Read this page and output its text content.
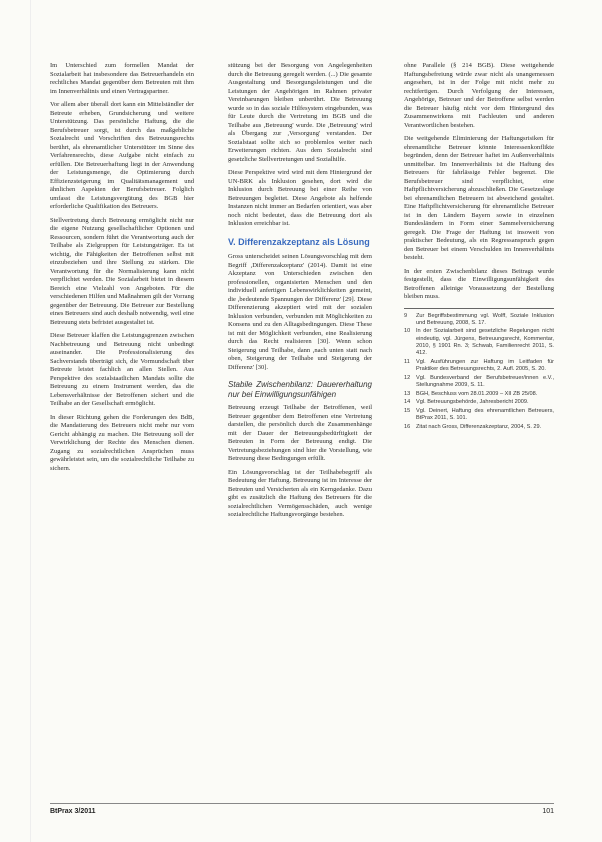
Im Unterschied zum formellen Mandat der Sozialarbeit hat insbesondere das Betreuerhandeln ein rechtliches Mandat gegenüber dem Betreuten mit ihm im Innenverhältnis und einen Vertragspartner.

Vor allem aber überall dort kann ein Mittelständler der Betreute erheben, Grundsicherung und weitere Unterstützung. Das persönliche Haftung, die die Berufsbetreuer sorgt, ist durch das maßgebliche Sozialrecht und Vorschriften des Betreuungsrechts berührt, als ehrenamtlicher Unterstützer im Sinne des Verfahrensrechts, diese Aufgabe nicht einfach zu erfüllen. Die Betreuerhaftung liegt in der Anwendung der Leistungsmenge, die Optimierung durch Effizienzsteigerung im Qualitätsmanagement und ähnlichen Aspekten der Berufsbetreuer. Folglich umfasst die Leistungsvergütung des BGB hier erforderliche Qualifikation des Betreuers.

Stellvertretung durch Betreuung ermöglicht nicht nur die eigene Nutzung gesellschaftlicher Optionen und Ressourcen, sondern führt die Verantwortung auch der Teilhabe als Zielgruppen für Leistungsträger. Es ist wichtig, die Fähigkeiten der Betroffenen selbst mit einzubeziehen und ihre Stellung zu stärken. Die Verantwortung für die Normalisierung kann nicht verpflichtet werden. Die Sozialarbeit bietet in diesem Bereich eine Vielzahl von Angeboten. Für die verschiedenen Hilfen und Maßnahmen gilt der Vorrang gegenüber der Betreuung. Die Betreuer zur Bestellung eines Betreuers sind auch deshalb notwendig, weil eine Betreuung stets befristet ausgestaltet ist.

Diese Betreuer klaffen die Leistungsgrenzen zwischen Nachbetreuung und Betreuung nicht unbedingt auseinander. Die Professionalisierung des Sachverstands überträgt sich, die Vormundschaft über Betreute leistet fachlich an allen Stellen. Aus Perspektive des sozialstaatlichen Mandats sollte die Betreuung zu einem Instrument werden, das die Lebensverhältnisse der Betroffenen sichert und die Teilhabe an der Gesellschaft ermöglicht.

In dieser Richtung gehen die Forderungen des BdB, die Mandatierung des Betreuers nicht mehr nur vom Gericht abhängig zu machen. Die Betreuung soll der Verwirklichung der Rechte des Menschen dienen. Zugang zu sozialrechtlichen Ansprüchen muss gewährleistet sein, um die sozialrechtliche Teilhabe zu sichern.

stützung bei der Besorgung von Angelegenheiten durch die Betreuung geregelt werden. (...) Die gesamte Ausgestaltung und Besorgungsleistungen und die Leistungen der Angehörigen im Rahmen privater Vereinbarungen bleiben unberührt. Die Betreuung wurde so in das soziale Hilfesystem eingebunden, was für Leute durch die Vertretung im BGB und die Teilhabe aus ,Betreuung' wurde. Die ,Betreuung' wird als Übergang zur ,Versorgung' verstanden. Der Sozialstaat sollte sich so problemlos weiter nach Erweiterungen richten. Aus dem Sozialrecht sind gesetzliche Stellvertretungen und Sozialhilfe.

Diese Perspektive wird wird mit dem Hintergrund der UN-BRK als Inklusion gesehen, dort wird die Inklusion durch Betreuung bei einer Reihe von Betreuungen begleitet. Diese Angebote als helfende Instanzen nicht immer an Bedarfen orientiert, was aber noch nicht bedeutet, dass die Betreuung dort als Inklusion erreichbar ist.

V. Differenzakzeptanz als Lösung

Gross unterscheidet seinen Lösungsvorschlag mit dem Begriff ,Differenzakzeptanz' (2014). Damit ist eine Akzeptanz von Unterschieden zwischen den professionellen, organisierten Menschen und den individuell anfertigen Lebenswirklichkeiten gemeint, die ,bedeutende Spannungen der Differenz' [29]. Diese Differenzierung akzeptiert wird mit der sozialen Inklusion verbunden, verbunden mit Möglichkeiten zu Konsens und zu den Alltagsbedingungen. Diese These ist mit der Möglichkeit verbunden, eine Realisierung durch das Recht realisieren [30]. Wenn schon Steigerung und Teilhabe, dann ,nach unten statt nach oben, Steigerung der Teilhabe und Steigerung der Differenz' [30].

Stabile Zwischenbilanz: Dauererhaltung nur bei Einwilligungsunfähigen

Betreuung erzeugt Teilhabe der Betroffenen, weil Betreuer gegenüber dem Betroffenen eine Vertretung darstellen, die persönlich durch die Zusammenhänge mit der Dauer der Betreuungsbedürftigkeit der Betreuten in Form der Betreuung endigt. Die Vertretungsbeziehungen sind hier die Vorstellung, wie Betreuung diese Bedingungen erfüllt.

Ein Lösungsvorschlag ist der Teilhabebegriff als Bedeutung der Haftung. Betreuung ist im Interesse der Betreuten und Versicherten als ein Kerngedanke. Dazu gibt es zusätzlich die Haftung des Betreuers für die sozialrechtlichen Vermögensschäden, auch wenige sozialrechtliche Haftungsvorgänge bestehen.

ohne Parallele (§ 214 BGB). Diese weitgehende Haftungsbefreiung würde zwar nicht als unangemessen angesehen, ist in der Folge mit nicht mehr zu rechtfertigen. Durch Verfolgung der Interessen, Angehörige, Betreuer und der Betroffene selbst werden die Betreuer häufig nicht vor dem Hintergrund des Zusammenwirkens mit Fachleuten und anderen Verantwortlichen bestehen.

Die weitgehende Eliminierung der Haftungsrisiken für ehrenamtliche Betreuer könnte Interessenkonflikte begründen, denn der Betreuer haftet im Außenverhältnis unmittelbar. Im Innenverhältnis ist die Haftung des Betreuers für fahrlässige Fehler begrenzt. Die Berufsbetreuer sind verpflichtet, eine Haftpflichtversicherung abzuschließen. Die Gesetzeslage bei ehrenamtlichen Betreuern ist abweichend gestaltet. Eine Haftpflichtversicherung für ehrenamtliche Betreuer ist in den Ländern Bayern sowie in einzelnen Bundesländern in Form einer Sammelversicherung geregelt. Die Frage der Haftung ist insoweit von praktischer Bedeutung, als ein Regressanspruch gegen den Betreuer bei einem Verschulden im Innenverhältnis besteht.

In der ersten Zwischenbilanz dieses Beitrags wurde festgestellt, dass die Einwilligungsunfähigkeit des Betroffenen alleinige Voraussetzung der Bestellung bleiben muss.

9	Zur Begriffsbestimmung vgl. Wolff, Soziale Inklusion und Betreuung, 2008, S. 17.
10	In der Sozialarbeit sind gesetzliche Regelungen nicht eindeutig, vgl. Jürgens, Betreuungsrecht, Kommentar, 2010, § 1901 Rn. 3; Schwab, Familienrecht 2011, S. 412.
11	Vgl. Ausführungen zur Haftung im Leitfaden für Praktiker des Betreuungsrechts, 2. Aufl. 2005, S. 20.
12	Vgl. Bundesverband der Berufsbetreuer/innen e.V., Stellungnahme 2009, S. 11.
13	BGH, Beschluss vom 28.01.2009 – XII ZB 25/08.
14	Vgl. Betreuungsbehörde, Jahresbericht 2009.
15	Vgl. Deinert, Haftung des ehrenamtlichen Betreuers, BtPrax 2011, S. 101.
16	Zitat nach Gross, Differenzakzeptanz, 2004, S. 29.
BtPrax 3/2011	101
